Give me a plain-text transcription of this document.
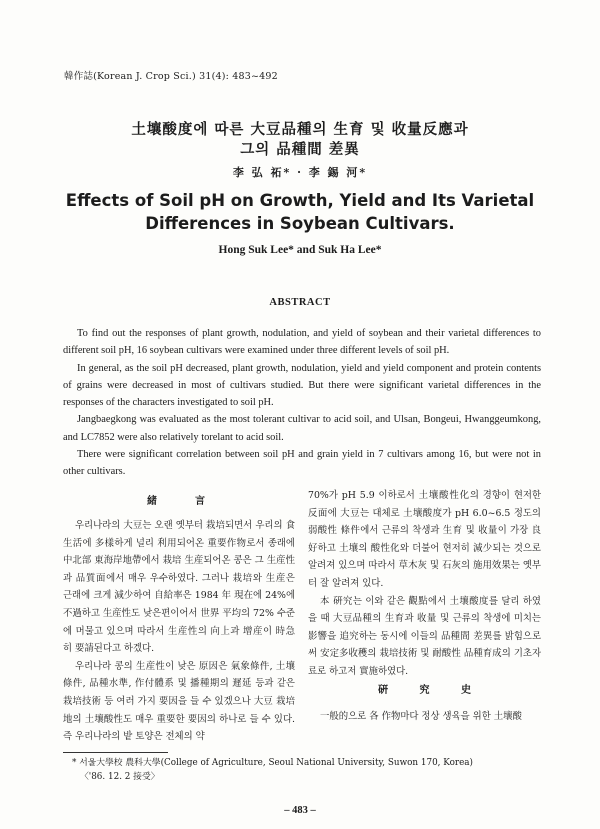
韓作誌(Korean J. Crop Sci.) 31(4): 483~492
土壤酸度에 따른 大豆品種의 生育 및 收量反應과
그의 品種間 差異
李 弘 祏* · 李 錫 河*
Effects of Soil pH on Growth, Yield and Its Varietal
Differences in Soybean Cultivars.
Hong Suk Lee* and Suk Ha Lee*
ABSTRACT

To find out the responses of plant growth, nodulation, and yield of soybean and their varietal differences to different soil pH, 16 soybean cultivars were examined under three different levels of soil pH.

In general, as the soil pH decreased, plant growth, nodulation, yield and yield component and protein contents of grains were decreased in most of cultivars studied. But there were significant varietal differences in the responses of the characters investigated to soil pH.

Jangbaegkong was evaluated as the most tolerant cultivar to acid soil, and Ulsan, Bongeui, Hwanggeumkong, and LC7852 were also relatively torelant to acid soil.

There were significant correlation between soil pH and grain yield in 7 cultivars among 16, but were not in other cultivars.

緒　言

우리나라의 大豆는 오랜 옛부터 栽培되면서 우리의 食生活에 多樣하게 널리 利用되어온 重要作物로서 종래에 中北部 東海岸地帶에서 栽培 生産되어온 콩은 그 生産性과 品質面에서 매우 우수하였다. 그러나 栽培와 生産은 근래에 크게 減少하여 自給率은 1984 年 現在에 24%에 不過하고 生産性도 낮은편이어서 世界 平均의 72% 수준에 머물고 있으며 따라서 生産性의 向上과 增産이 時急히 要請된다고 하겠다.

우리나라 콩의 生産性이 낮은 原因은 氣象條件, 土壤條件, 品種水準, 作付體系 및 播種期의 遲延 등과 같은 栽培技術 등 여러 가지 要因을 들 수 있겠으나 大豆 栽培地의 土壤酸性도 매우 重要한 要因의 하나로 들 수 있다. 즉 우리나라의 밭 토양은 전체의 약

70%가 pH 5.9 이하로서 土壤酸性化의 경향이 현저한 反面에 大豆는 대체로 土壤酸度가 pH 6.0~6.5 정도의 弱酸性 條件에서 근류의 착생과 生育 및 收量이 가장 良好하고 土壤의 酸性化와 더불어 현저히 減少되는 것으로 알려져 있으며 따라서 草木灰 및 石灰의 施用效果는 옛부터 잘 알려져 있다.

本 硏究는 이와 같은 觀點에서 土壤酸度를 달리 하였을 때 大豆品種의 生育과 收量 및 근류의 착생에 미치는 影響을 追究하는 동시에 이들의 品種間 差異를 밝힘으로써 安定多收穫의 栽培技術 및 耐酸性 品種育成의 기초자료로 하고저 實施하였다.

硏 究 史

一般的으로 各 作物마다 정상 생육을 위한 土壤酸

* 서울大學校 農科大學(College of Agriculture, Seoul National University, Suwon 170, Korea)
〈'86. 12. 2 接受〉
– 483 –
